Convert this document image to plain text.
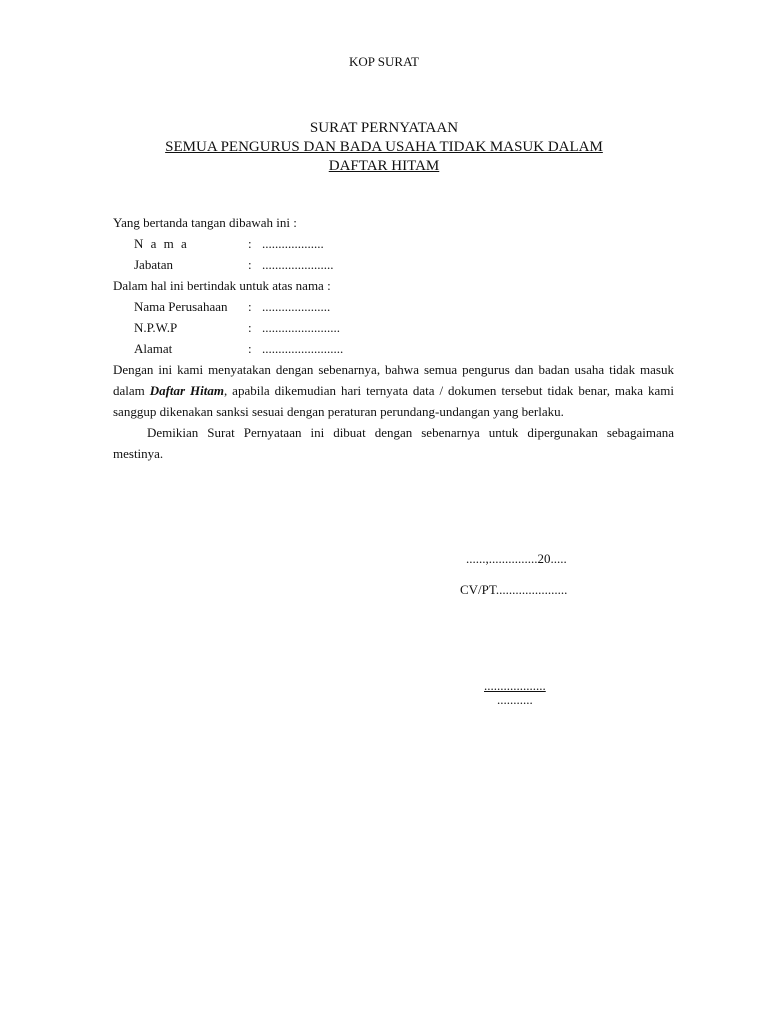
KOP SURAT
SURAT PERNYATAAN
SEMUA PENGURUS DAN BADA USAHA TIDAK MASUK DALAM
DAFTAR HITAM
Yang bertanda tangan dibawah ini :
N a m a	: ...................
Jabatan	: ......................
Dalam hal ini bertindak untuk atas nama :
Nama Perusahaan	: .....................
N.P.W.P	: ........................
Alamat	: .........................
Dengan ini kami menyatakan dengan sebenarnya, bahwa semua pengurus dan badan usaha tidak masuk dalam Daftar Hitam, apabila dikemudian hari ternyata data / dokumen tersebut tidak benar, maka kami sanggup dikenakan sanksi sesuai dengan peraturan perundang-undangan yang berlaku.
Demikian Surat Pernyataan ini dibuat dengan sebenarnya untuk dipergunakan sebagaimana mestinya.
......,...............20.....
CV/PT......................
...................
...........
